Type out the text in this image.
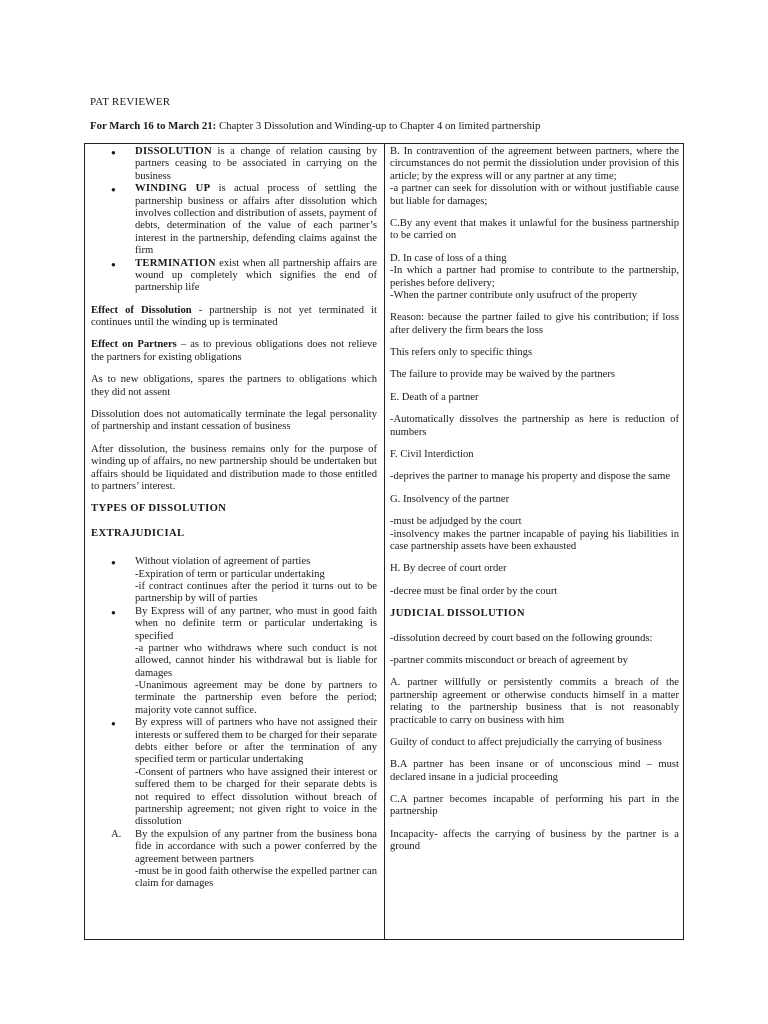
PAT REVIEWER
For March 16 to March 21: Chapter 3 Dissolution and Winding-up to Chapter 4 on limited partnership
●	DISSOLUTION is a change of relation causing by partners ceasing to be associated in carrying on the business
●	WINDING UP is actual process of settling the partnership business or affairs after dissolution which involves collection and distribution of assets, payment of debts, determination of the value of each partner’s interest in the partnership, defending claims against the firm
●	TERMINATION exist when all partnership affairs are wound up completely which signifies the end of partnership life

Effect of Dissolution - partnership is not yet terminated it continues until the winding up is terminated

Effect on Partners – as to previous obligations does not relieve the partners for existing obligations

As to new obligations, spares the partners to obligations which they did not assent

Dissolution does not automatically terminate the legal personality of partnership and instant cessation of business

After dissolution, the business remains only for the purpose of winding up of affairs, no new partnership should be undertaken but affairs should be liquidated and distribution made to those entitled to partners’ interest.

TYPES OF DISSOLUTION
EXTRAJUDICIAL
●	Without violation of agreement of parties
-Expiration of term or particular undertaking
-if contract continues after the period it turns out to be partnership by will of parties
●	By Express will of any partner, who must in good faith when no definite term or particular undertaking is specified
-a partner who withdraws where such conduct is not allowed, cannot hinder his withdrawal but is liable for damages
-Unanimous agreement may be done by partners to terminate the partnership even before the period; majority vote cannot suffice.
●	By express will of partners who have not assigned their interests or suffered them to be charged for their separate debts either before or after the termination of any specified term or particular undertaking
-Consent of partners who have assigned their interest or suffered them to be charged for their separate debts is not required to effect dissolution without breach of partnership agreement; not given right to voice in the dissolution
A.	By the expulsion of any partner from the business bona fide in accordance with such a power conferred by the agreement between partners
-must be in good faith otherwise the expelled partner can claim for damages

B. In contravention of the agreement between partners, where the circumstances do not permit the dissiolution under provision of this article; by the express will or any partner at any time;
-a partner can seek for dissolution with or without justifiable cause but liable for damages;

C.By any event that makes it unlawful for the business partnership to be carried on

D. In case of loss of a thing
-In which a partner had promise to contribute to the partnership, perishes before delivery;
-When the partner contribute only usufruct of the property

Reason: because the partner failed to give his contribution; if loss after delivery the firm bears the loss

This refers only to specific things

The failure to provide may be waived by the partners

E. Death of a partner

-Automatically dissolves the partnership as here is reduction of numbers

F. Civil Interdiction

-deprives the partner to manage his property and dispose the same

G. Insolvency of the partner

-must be adjudged by the court
-insolvency makes the partner incapable of paying his liabilities in case partnership assets have been exhausted

H. By decree of court order

-decree must be final order by the court

JUDICIAL DISSOLUTION

-dissolution decreed by court based on the following grounds:

-partner commits misconduct or breach of agreement by

A. partner willfully or persistently commits a breach of the partnership agreement or otherwise conducts himself in a matter relating to the partnership business that is not reasonably practicable to carry on business with him

Guilty of conduct to affect prejudicially the carrying of business

B.A partner has been insane or of unconscious mind – must declared insane in a judicial proceeding

C.A partner becomes incapable of performing his part in the partnership

Incapacity- affects the carrying of business by the partner is a ground
